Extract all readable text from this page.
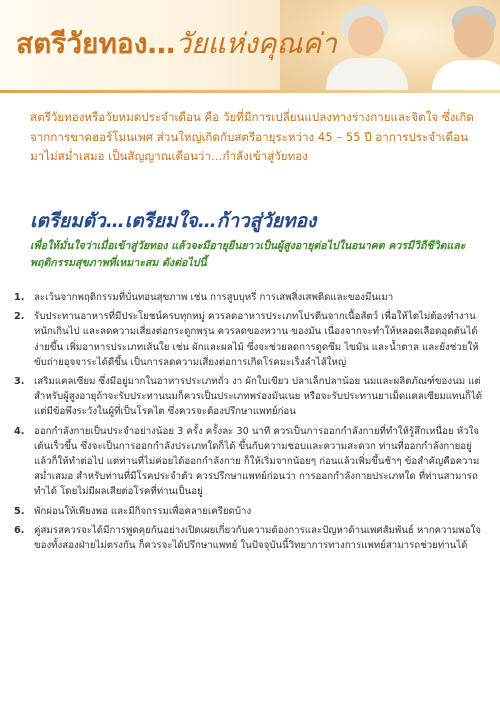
สตรีวัยทอง…วัยแห่งคุณค่า

สตรีวัยทองหรือวัยหมดประจำเดือน คือ วัยที่มีการเปลี่ยนแปลงทางร่างกายและจิตใจ ซึ่งเกิดจากการขาดฮอร์โมนเพศ ส่วนใหญ่เกิดกับสตรีอายุระหว่าง 45 – 55 ปี อาการประจำเดือนมาไม่สม่ำเสมอ เป็นสัญญาณเตือนว่า…กำลังเข้าสู่วัยทอง

เตรียมตัว…เตรียมใจ…ก้าวสู่วัยทอง

เพื่อให้มั่นใจว่าเมื่อเข้าสู่วัยทอง แล้วจะมีอายุยืนยาวเป็นผู้สูงอายุต่อไปในอนาคต ควรมีวิถีชีวิตและพฤติกรรมสุขภาพที่เหมาะสม ดังต่อไปนี้

1. ละเว้นจากพฤติกรรมที่บั่นทอนสุขภาพ เช่น การสูบบุหรี่ การเสพสิ่งเสพติดและของมึนเมา
2. รับประทานอาหารที่มีประโยชน์ครบทุกหมู่ ควรลดอาหารประเภทโปรตีนจากเนื้อสัตว์ เพื่อให้ไตไม่ต้องทำงานหนักเกินไป และลดความเสี่ยงต่อกระดูกพรุน ควรลดของหวาน ของมัน เนื่องจากจะทำให้หลอดเลือดอุดตันได้ง่ายขึ้น เพิ่มอาหารประเภทเส้นใย เช่น ผักและผลไม้ ซึ่งจะช่วยลดการดูดซึม ไขมัน และน้ำตาล และยังช่วยให้ขับถ่ายอุจจาระได้ดีขึ้น เป็นการลดความเสี่ยงต่อการเกิดโรคมะเร็งลำไส้ใหญ่
3. เสริมแคลเซียม ซึ่งมีอยู่มากในอาหารประเภทถั่ว งา ผักใบเขียว ปลาเล็กปลาน้อย นมและผลิตภัณฑ์ของนม แต่สำหรับผู้สูงอายุถ้าจะรับประทานนมก็ควรเป็นประเภทพร่องมันเนย หรือจะรับประทานยาเม็ดแคลเซียมแทนก็ได้ แต่มีข้อพึงระวังในผู้ที่เป็นโรคไต ซึ่งควรจะต้องปรึกษาแพทย์ก่อน
4. ออกกำลังกายเป็นประจำอย่างน้อย 3 ครั้ง ครั้งละ 30 นาที ควรเป็นการออกกำลังกายที่ทำให้รู้สึกเหนื่อย หัวใจเต้นเร็วขึ้น ซึ่งจะเป็นการออกกำลังประเภทใดก็ได้ ขึ้นกับความชอบและความสะดวก ท่านที่ออกกำลังกายอยู่แล้วก็ให้ทำต่อไป แต่ท่านที่ไม่ค่อยได้ออกกำลังกาย ก็ให้เริ่มจากน้อยๆ ก่อนแล้วเพิ่มขึ้นช้าๆ ข้อสำคัญคือความสม่ำเสมอ สำหรับท่านที่มีโรคประจำตัว ควรปรึกษาแพทย์ก่อนว่า การออกกำลังกายประเภทใด ที่ท่านสามารถทำได้ โดยไม่มีผลเสียต่อโรคที่ท่านเป็นอยู่
5. พักผ่อนให้เพียงพอ และมีกิจกรรมเพื่อคลายเครียดบ้าง
6. คู่สมรสควรจะได้มีการพูดคุยกันอย่างเปิดเผยเกี่ยวกับความต้องการและปัญหาด้านเพศสัมพันธ์ หากความพอใจของทั้งสองฝ่ายไม่ตรงกัน ก็ควรจะได้ปรึกษาแพทย์ ในปัจจุบันนี้วิทยาการทางการแพทย์สามารถช่วยท่านได้
